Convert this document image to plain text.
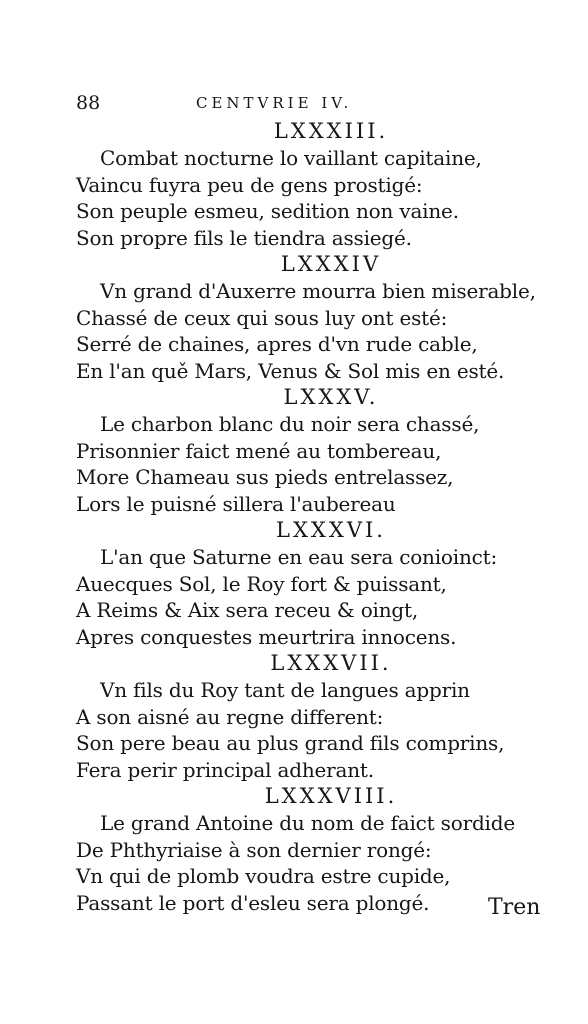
88	CENTVRIE IV.
LXXXIII.
Combat nocturne lo vaillant capitaine,
Vaincu fuyra peu de gens prostigé:
Son peuple esmeu, sedition non vaine.
Son propre fils le tiendra assiegé.
LXXXIV
Vn grand d'Auxerre mourra bien miserable,
Chassé de ceux qui sous luy ont esté:
Serré de chaines, apres d'vn rude cable,
En l'an quě Mars, Venus & Sol mis en esté.
LXXXV.
Le charbon blanc du noir sera chassé,
Prisonnier faict mené au tombereau,
More Chameau sus pieds entrelassez,
Lors le puisné sillera l'aubereau
LXXXVI.
L'an que Saturne en eau sera conioinct:
Auecques Sol, le Roy fort & puissant,
A Reims & Aix sera receu & oingt,
Apres conquestes meurtrira innocens.
LXXXVII.
Vn fils du Roy tant de langues apprin
A son aisné au regne different:
Son pere beau au plus grand fils comprins,
Fera perir principal adherant.
LXXXVIII.
Le grand Antoine du nom de faict sordide
De Phthyriaise à son dernier rongé:
Vn qui de plomb voudra estre cupide,
Passant le port d'esleu sera plongé.	Tren
